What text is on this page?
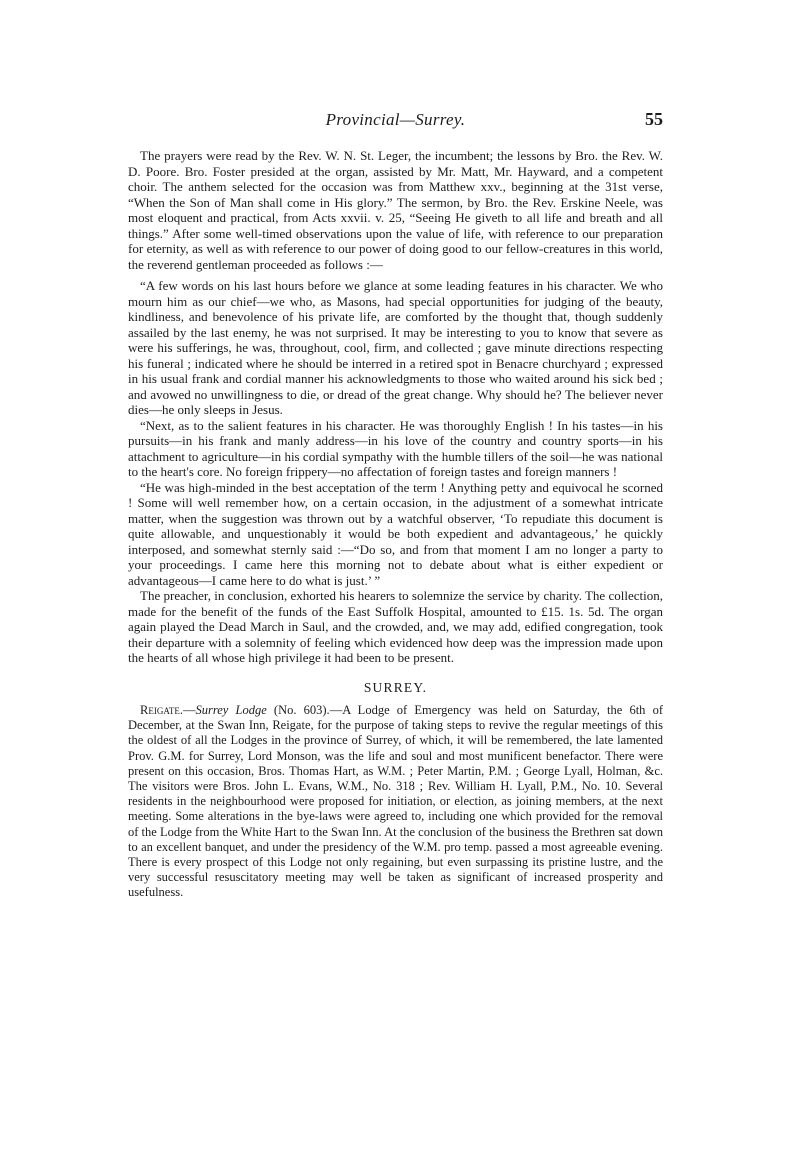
Provincial—Surrey.	55

The prayers were read by the Rev. W. N. St. Leger, the incumbent; the lessons by Bro. the Rev. W. D. Poore. Bro. Foster presided at the organ, assisted by Mr. Matt, Mr. Hayward, and a competent choir. The anthem selected for the occasion was from Matthew xxv., beginning at the 31st verse, “When the Son of Man shall come in His glory.” The sermon, by Bro. the Rev. Erskine Neele, was most eloquent and practical, from Acts xxvii. v. 25, “Seeing He giveth to all life and breath and all things.” After some well-timed observations upon the value of life, with reference to our preparation for eternity, as well as with reference to our power of doing good to our fellow-creatures in this world, the reverend gentleman proceeded as follows :—

“A few words on his last hours before we glance at some leading features in his character. We who mourn him as our chief—we who, as Masons, had special opportunities for judging of the beauty, kindliness, and benevolence of his private life, are comforted by the thought that, though suddenly assailed by the last enemy, he was not surprised. It may be interesting to you to know that severe as were his sufferings, he was, throughout, cool, firm, and collected ; gave minute directions respecting his funeral ; indicated where he should be interred in a retired spot in Benacre churchyard ; expressed in his usual frank and cordial manner his acknowledgments to those who waited around his sick bed ; and avowed no unwillingness to die, or dread of the great change. Why should he? The believer never dies—he only sleeps in Jesus.

“Next, as to the salient features in his character. He was thoroughly English ! In his tastes—in his pursuits—in his frank and manly address—in his love of the country and country sports—in his attachment to agriculture—in his cordial sympathy with the humble tillers of the soil—he was national to the heart's core. No foreign frippery—no affectation of foreign tastes and foreign manners !

“He was high-minded in the best acceptation of the term ! Anything petty and equivocal he scorned ! Some will well remember how, on a certain occasion, in the adjustment of a somewhat intricate matter, when the suggestion was thrown out by a watchful observer, ‘To repudiate this document is quite allowable, and unquestionably it would be both expedient and advantageous,’ he quickly interposed, and somewhat sternly said :—“Do so, and from that moment I am no longer a party to your proceedings. I came here this morning not to debate about what is either expedient or advantageous—I came here to do what is just.’ ”

The preacher, in conclusion, exhorted his hearers to solemnize the service by charity. The collection, made for the benefit of the funds of the East Suffolk Hospital, amounted to £15. 1s. 5d. The organ again played the Dead March in Saul, and the crowded, and, we may add, edified congregation, took their departure with a solemnity of feeling which evidenced how deep was the impression made upon the hearts of all whose high privilege it had been to be present.

SURREY.

Reigate.—Surrey Lodge (No. 603).—A Lodge of Emergency was held on Saturday, the 6th of December, at the Swan Inn, Reigate, for the purpose of taking steps to revive the regular meetings of this the oldest of all the Lodges in the province of Surrey, of which, it will be remembered, the late lamented Prov. G.M. for Surrey, Lord Monson, was the life and soul and most munificent benefactor. There were present on this occasion, Bros. Thomas Hart, as W.M. ; Peter Martin, P.M. ; George Lyall, Holman, &c. The visitors were Bros. John L. Evans, W.M., No. 318 ; Rev. William H. Lyall, P.M., No. 10. Several residents in the neighbourhood were proposed for initiation, or election, as joining members, at the next meeting. Some alterations in the bye-laws were agreed to, including one which provided for the removal of the Lodge from the White Hart to the Swan Inn. At the conclusion of the business the Brethren sat down to an excellent banquet, and under the presidency of the W.M. pro temp. passed a most agreeable evening. There is every prospect of this Lodge not only regaining, but even surpassing its pristine lustre, and the very successful resuscitatory meeting may well be taken as significant of increased prosperity and usefulness.
